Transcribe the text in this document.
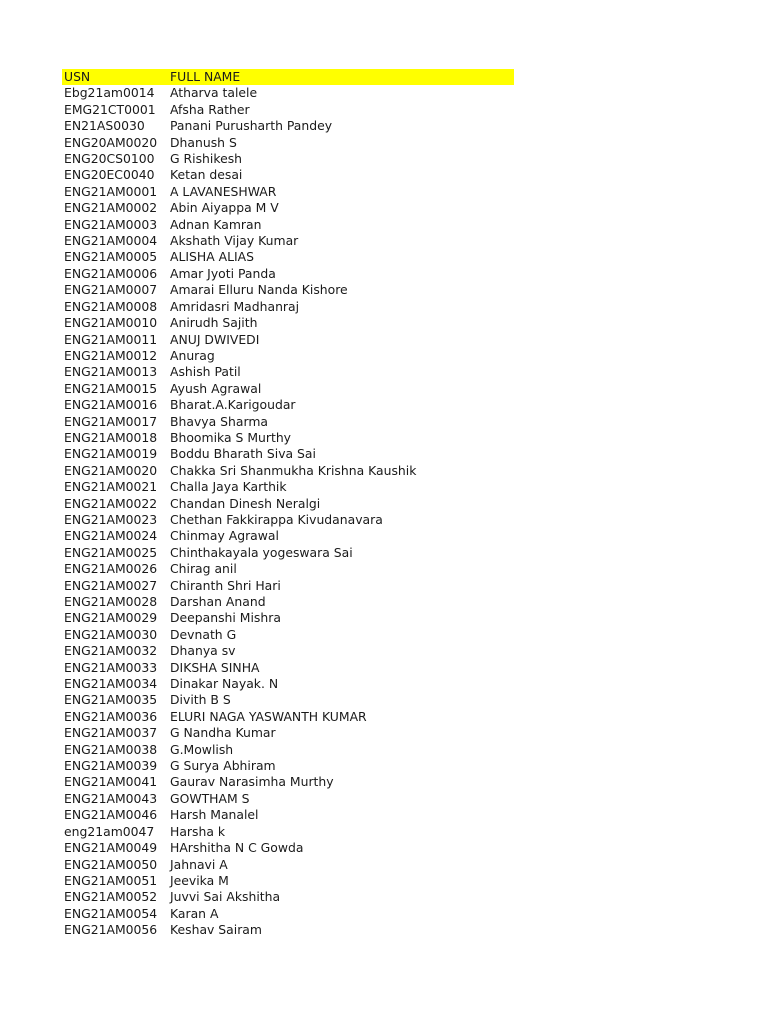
USN	FULL NAME
Ebg21am0014	Atharva talele
EMG21CT0001	Afsha Rather
EN21AS0030	Panani Purusharth Pandey
ENG20AM0020	Dhanush S
ENG20CS0100	G Rishikesh
ENG20EC0040	Ketan desai
ENG21AM0001	A LAVANESHWAR
ENG21AM0002	Abin Aiyappa M V
ENG21AM0003	Adnan Kamran
ENG21AM0004	Akshath Vijay Kumar
ENG21AM0005	ALISHA ALIAS
ENG21AM0006	Amar Jyoti Panda
ENG21AM0007	Amarai Elluru Nanda Kishore
ENG21AM0008	Amridasri Madhanraj
ENG21AM0010	Anirudh Sajith
ENG21AM0011	ANUJ DWIVEDI
ENG21AM0012	Anurag
ENG21AM0013	Ashish Patil
ENG21AM0015	Ayush Agrawal
ENG21AM0016	Bharat.A.Karigoudar
ENG21AM0017	Bhavya Sharma
ENG21AM0018	Bhoomika S Murthy
ENG21AM0019	Boddu Bharath Siva Sai
ENG21AM0020	Chakka Sri Shanmukha Krishna Kaushik
ENG21AM0021	Challa Jaya Karthik
ENG21AM0022	Chandan Dinesh Neralgi
ENG21AM0023	Chethan Fakkirappa Kivudanavara
ENG21AM0024	Chinmay Agrawal
ENG21AM0025	Chinthakayala yogeswara Sai
ENG21AM0026	Chirag anil
ENG21AM0027	Chiranth Shri Hari
ENG21AM0028	Darshan Anand
ENG21AM0029	Deepanshi Mishra
ENG21AM0030	Devnath G
ENG21AM0032	Dhanya sv
ENG21AM0033	DIKSHA SINHA
ENG21AM0034	Dinakar Nayak. N
ENG21AM0035	Divith B S
ENG21AM0036	ELURI NAGA YASWANTH KUMAR
ENG21AM0037	G Nandha Kumar
ENG21AM0038	G.Mowlish
ENG21AM0039	G Surya Abhiram
ENG21AM0041	Gaurav Narasimha Murthy
ENG21AM0043	GOWTHAM S
ENG21AM0046	Harsh Manalel
eng21am0047	Harsha k
ENG21AM0049	HArshitha N C Gowda
ENG21AM0050	Jahnavi A
ENG21AM0051	Jeevika M
ENG21AM0052	Juvvi Sai Akshitha
ENG21AM0054	Karan A
ENG21AM0056	Keshav Sairam
